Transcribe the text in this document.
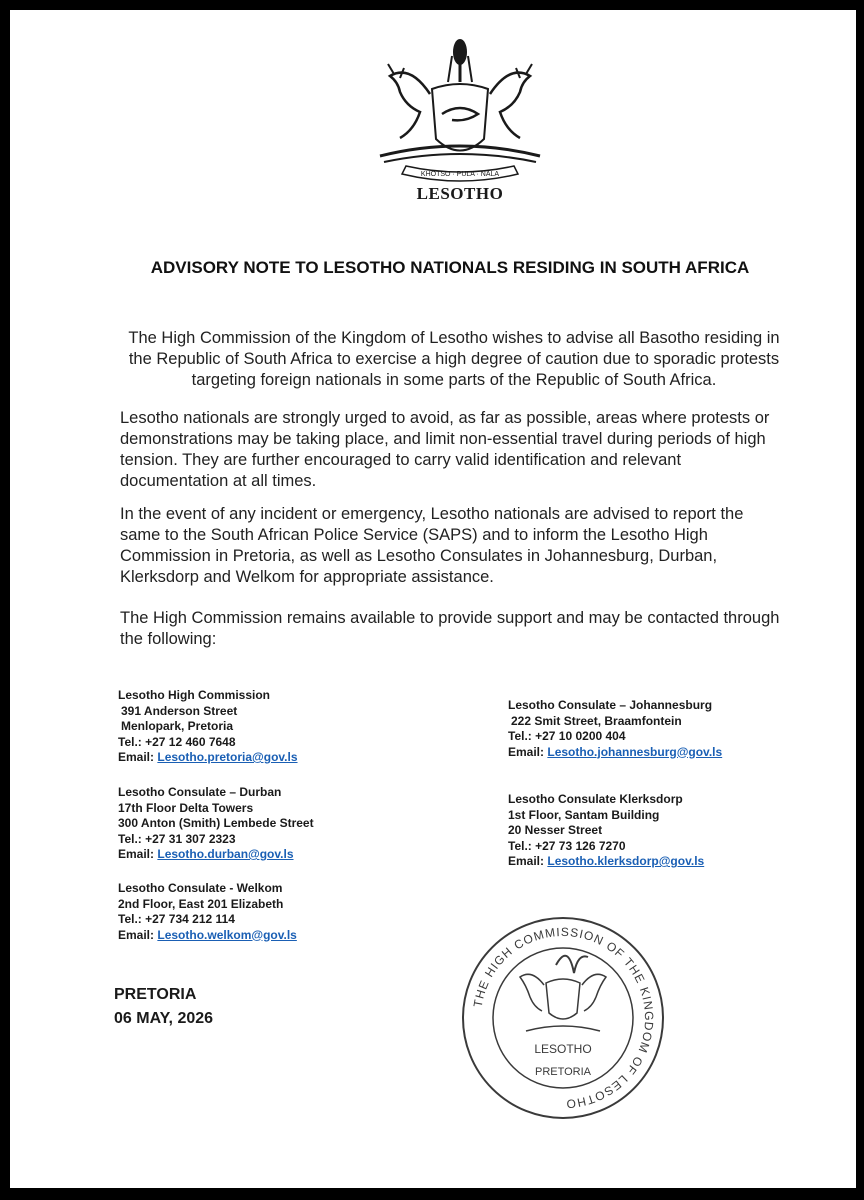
KHOTSO · PULA · NALA
LESOTHO
ADVISORY NOTE TO LESOTHO NATIONALS RESIDING IN SOUTH AFRICA

The High Commission of the Kingdom of Lesotho wishes to advise all Basotho residing in the Republic of South Africa to exercise a high degree of caution due to sporadic protests targeting foreign nationals in some parts of the Republic of South Africa.

Lesotho nationals are strongly urged to avoid, as far as possible, areas where protests or demonstrations may be taking place, and limit non-essential travel during periods of high tension. They are further encouraged to carry valid identification and relevant documentation at all times.

In the event of any incident or emergency, Lesotho nationals are advised to report the same to the South African Police Service (SAPS) and to inform the Lesotho High Commission in Pretoria, as well as Lesotho Consulates in Johannesburg, Durban, Klerksdorp and Welkom for appropriate assistance.

The High Commission remains available to provide support and may be contacted through the following:

Lesotho High Commission
391 Anderson Street
Menlopark, Pretoria
Tel.: +27 12 460 7648
Email: Lesotho.pretoria@gov.ls
Lesotho Consulate – Johannesburg
222 Smit Street, Braamfontein
Tel.: +27 10 0200 404
Email: Lesotho.johannesburg@gov.ls
Lesotho Consulate – Durban
17th Floor Delta Towers
300 Anton (Smith) Lembede Street
Tel.: +27 31 307 2323
Email: Lesotho.durban@gov.ls
Lesotho Consulate Klerksdorp
1st Floor, Santam Building
20 Nesser Street
Tel.: +27 73 126 7270
Email: Lesotho.klerksdorp@gov.ls
Lesotho Consulate - Welkom
2nd Floor, East 201 Elizabeth
Tel.: +27 734 212 114
Email: Lesotho.welkom@gov.ls
PRETORIA
06 MAY, 2026
THE HIGH COMMISSION OF THE KINGDOM OF LESOTHO
LESOTHO
PRETORIA
